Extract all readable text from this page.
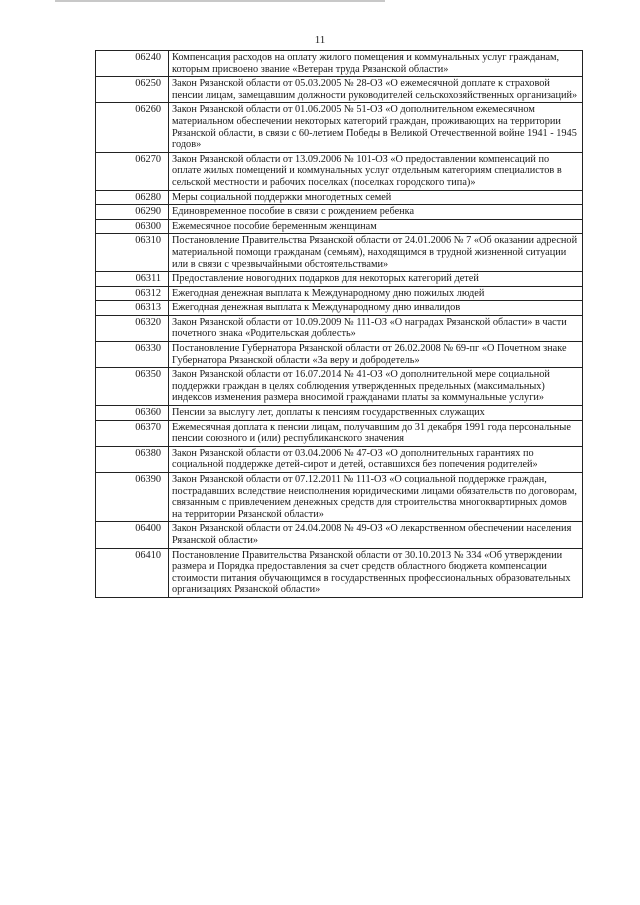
11
06240	Компенсация расходов на оплату жилого помещения и коммунальных услуг гражданам, которым присвоено звание «Ветеран труда Рязанской области»
06250	Закон Рязанской области от 05.03.2005 № 28-ОЗ «О ежемесячной доплате к страховой пенсии лицам, замещавшим должности руководителей сельскохозяйственных организаций»
06260	Закон Рязанской области от 01.06.2005 № 51-ОЗ «О дополнительном ежемесячном материальном обеспечении некоторых категорий граждан, проживающих на территории Рязанской области, в связи с 60-летием Победы в Великой Отечественной войне 1941 - 1945 годов»
06270	Закон Рязанской области от 13.09.2006 № 101-ОЗ «О предоставлении компенсаций по оплате жилых помещений и коммунальных услуг отдельным категориям специалистов в сельской местности и рабочих поселках (поселках городского типа)»
06280	Меры социальной поддержки многодетных семей
06290	Единовременное пособие в связи с рождением ребенка
06300	Ежемесячное пособие беременным женщинам
06310	Постановление Правительства Рязанской области от 24.01.2006 № 7 «Об оказании адресной материальной помощи гражданам (семьям), находящимся в трудной жизненной ситуации или в связи с чрезвычайными обстоятельствами»
06311	Предоставление новогодних подарков для некоторых категорий детей
06312	Ежегодная денежная выплата к Международному дню пожилых людей
06313	Ежегодная денежная выплата к Международному дню инвалидов
06320	Закон Рязанской области от 10.09.2009 № 111-ОЗ «О наградах Рязанской области» в части почетного знака «Родительская доблесть»
06330	Постановление Губернатора Рязанской области от 26.02.2008 № 69-пг «О Почетном знаке Губернатора Рязанской области «За веру и добродетель»
06350	Закон Рязанской области от 16.07.2014 № 41-ОЗ «О дополнительной мере социальной поддержки граждан в целях соблюдения утвержденных предельных (максимальных) индексов изменения размера вносимой гражданами платы за коммунальные услуги»
06360	Пенсии за выслугу лет, доплаты к пенсиям государственных служащих
06370	Ежемесячная доплата к пенсии лицам, получавшим до 31 декабря 1991 года персональные пенсии союзного и (или) республиканского значения
06380	Закон Рязанской области от 03.04.2006 № 47-ОЗ «О дополнительных гарантиях по социальной поддержке детей-сирот и детей, оставшихся без попечения родителей»
06390	Закон Рязанской области от 07.12.2011 № 111-ОЗ «О социальной поддержке граждан, пострадавших вследствие неисполнения юридическими лицами обязательств по договорам, связанным с привлечением денежных средств для строительства многоквартирных домов на территории Рязанской области»
06400	Закон Рязанской области от 24.04.2008 № 49-ОЗ «О лекарственном обеспечении населения Рязанской области»
06410	Постановление Правительства Рязанской области от 30.10.2013 № 334 «Об утверждении размера и Порядка предоставления за счет средств областного бюджета компенсации стоимости питания обучающимся в государственных профессиональных образовательных организациях Рязанской области»
